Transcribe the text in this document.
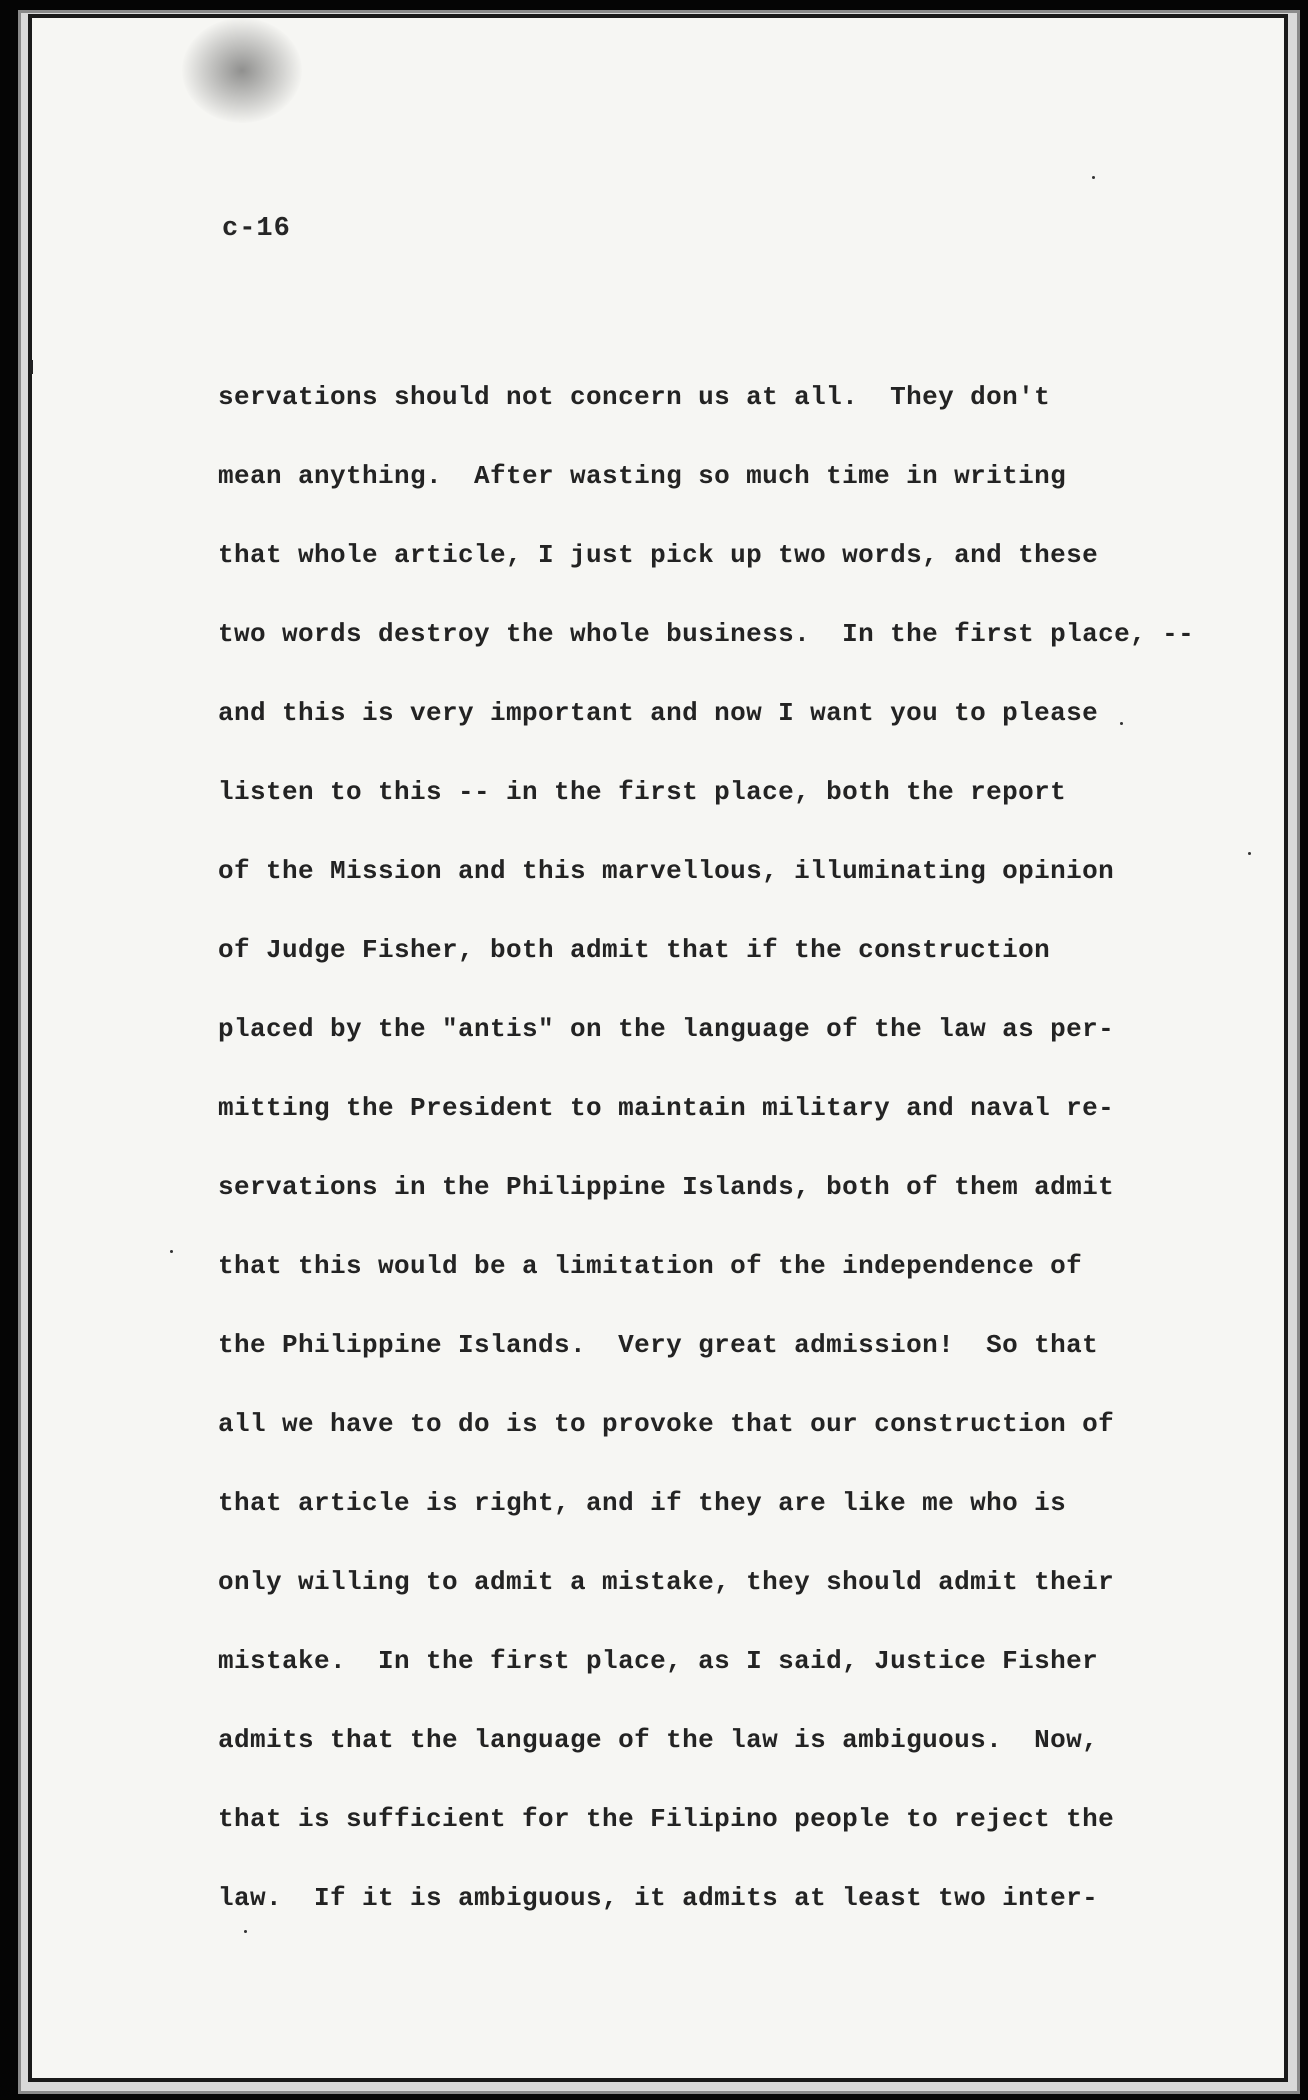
c-16
servations should not concern us at all.  They don't
mean anything.  After wasting so much time in writing
that whole article, I just pick up two words, and these
two words destroy the whole business.  In the first place, --
and this is very important and now I want you to please
listen to this -- in the first place, both the report
of the Mission and this marvellous, illuminating opinion
of Judge Fisher, both admit that if the construction
placed by the "antis" on the language of the law as per-
mitting the President to maintain military and naval re-
servations in the Philippine Islands, both of them admit
that this would be a limitation of the independence of
the Philippine Islands.  Very great admission!  So that
all we have to do is to provoke that our construction of
that article is right, and if they are like me who is
only willing to admit a mistake, they should admit their
mistake.  In the first place, as I said, Justice Fisher
admits that the language of the law is ambiguous.  Now,
that is sufficient for the Filipino people to reject the
law.  If it is ambiguous, it admits at least two inter-
